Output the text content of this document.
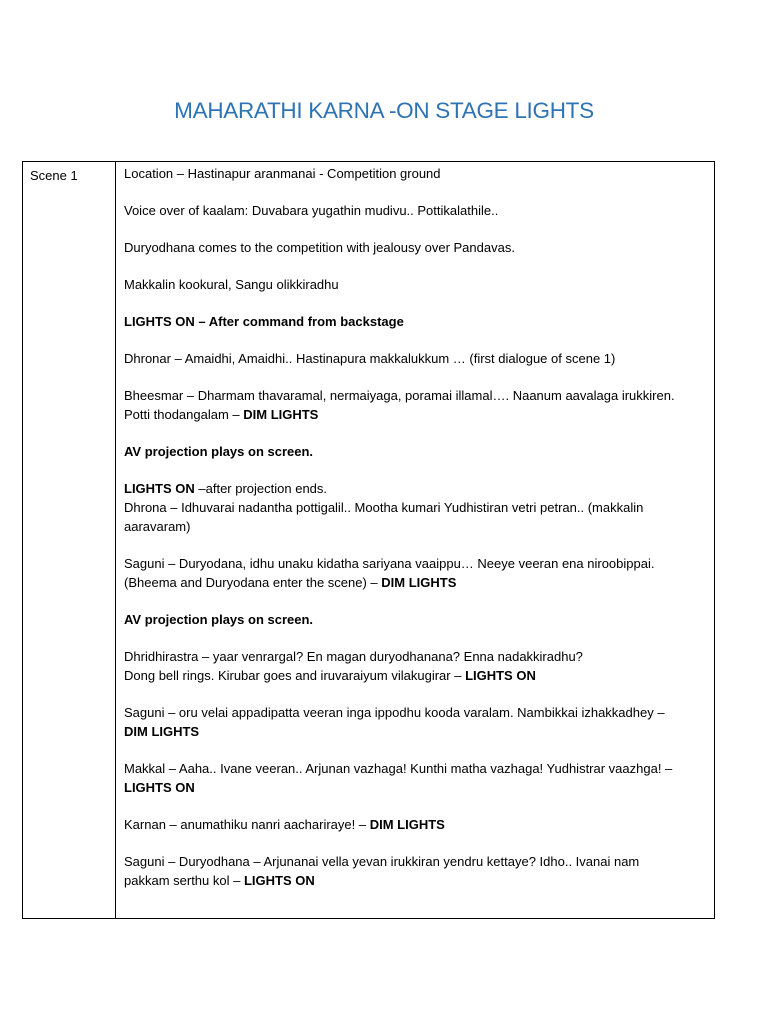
MAHARATHI KARNA -ON STAGE LIGHTS
Scene 1	Location – Hastinapur aranmanai - Competition ground

Voice over of kaalam: Duvabara yugathin mudivu.. Pottikalathile..

Duryodhana comes to the competition with jealousy over Pandavas.

Makkalin kookural, Sangu olikkiradhu

LIGHTS ON – After command from backstage

Dhronar – Amaidhi, Amaidhi.. Hastinapura makkalukkum … (first dialogue of scene 1)

Bheesmar – Dharmam thavaramal, nermaiyaga, poramai illamal…. Naanum aavalaga irukkiren.
Potti thodangalam – DIM LIGHTS

AV projection plays on screen.

LIGHTS ON –after projection ends.
Dhrona – Idhuvarai nadantha pottigalil.. Mootha kumari Yudhistiran vetri petran.. (makkalin
aaravaram)

Saguni – Duryodana, idhu unaku kidatha sariyana vaaippu… Neeye veeran ena niroobippai.
(Bheema and Duryodana enter the scene) – DIM LIGHTS

AV projection plays on screen.

Dhridhirastra – yaar venrargal? En magan duryodhanana? Enna nadakkiradhu?
Dong bell rings. Kirubar goes and iruvaraiyum vilakugirar – LIGHTS ON

Saguni – oru velai appadipatta veeran inga ippodhu kooda varalam. Nambikkai izhakkadhey –
DIM LIGHTS

Makkal – Aaha.. Ivane veeran.. Arjunan vazhaga! Kunthi matha vazhaga! Yudhistrar vaazhga! –
LIGHTS ON

Karnan – anumathiku nanri aachariraye! – DIM LIGHTS

Saguni – Duryodhana – Arjunanai vella yevan irukkiran yendru kettaye? Idho.. Ivanai nam
pakkam serthu kol – LIGHTS ON
